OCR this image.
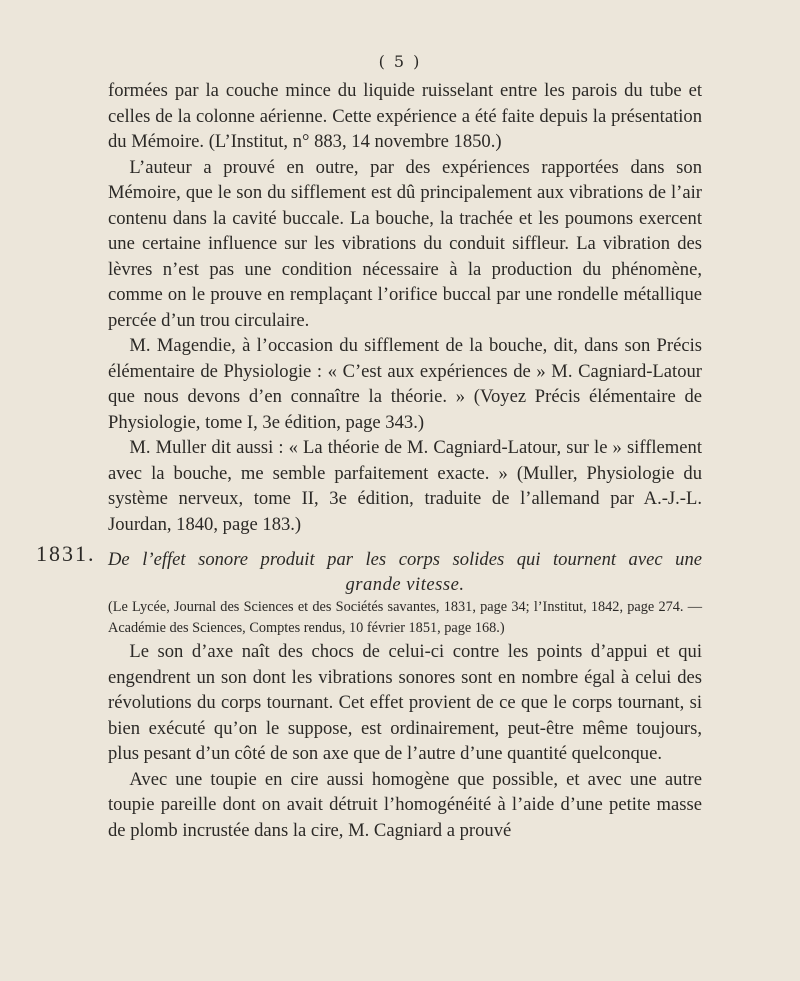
( 5 )
1831.

formées par la couche mince du liquide ruisselant entre les parois du tube et celles de la colonne aérienne. Cette expérience a été faite depuis la présentation du Mémoire. (L’Institut, n° 883, 14 novembre 1850.)

L’auteur a prouvé en outre, par des expériences rapportées dans son Mémoire, que le son du sifflement est dû principalement aux vibrations de l’air contenu dans la cavité buccale. La bouche, la trachée et les poumons exercent une certaine influence sur les vibrations du conduit siffleur. La vibration des lèvres n’est pas une condition nécessaire à la production du phénomène, comme on le prouve en remplaçant l’orifice buccal par une rondelle métallique percée d’un trou circulaire.

M. Magendie, à l’occasion du sifflement de la bouche, dit, dans son Précis élémentaire de Physiologie : « C’est aux expériences de » M. Cagniard-Latour que nous devons d’en connaître la théorie. » (Voyez Précis élémentaire de Physiologie, tome I, 3e édition, page 343.)

M. Muller dit aussi : « La théorie de M. Cagniard-Latour, sur le » sifflement avec la bouche, me semble parfaitement exacte. » (Muller, Physiologie du système nerveux, tome II, 3e édition, traduite de l’allemand par A.-J.-L. Jourdan, 1840, page 183.)

De l’effet sonore produit par les corps solides qui tournent avec une
grande vitesse.

(Le Lycée, Journal des Sciences et des Sociétés savantes, 1831, page 34; l’Institut, 1842, page 274. — Académie des Sciences, Comptes rendus, 10 février 1851, page 168.)

Le son d’axe naît des chocs de celui-ci contre les points d’appui et qui engendrent un son dont les vibrations sonores sont en nombre égal à celui des révolutions du corps tournant. Cet effet provient de ce que le corps tournant, si bien exécuté qu’on le suppose, est ordinairement, peut-être même toujours, plus pesant d’un côté de son axe que de l’autre d’une quantité quelconque.

Avec une toupie en cire aussi homogène que possible, et avec une autre toupie pareille dont on avait détruit l’homogénéité à l’aide d’une petite masse de plomb incrustée dans la cire, M. Cagniard a prouvé
